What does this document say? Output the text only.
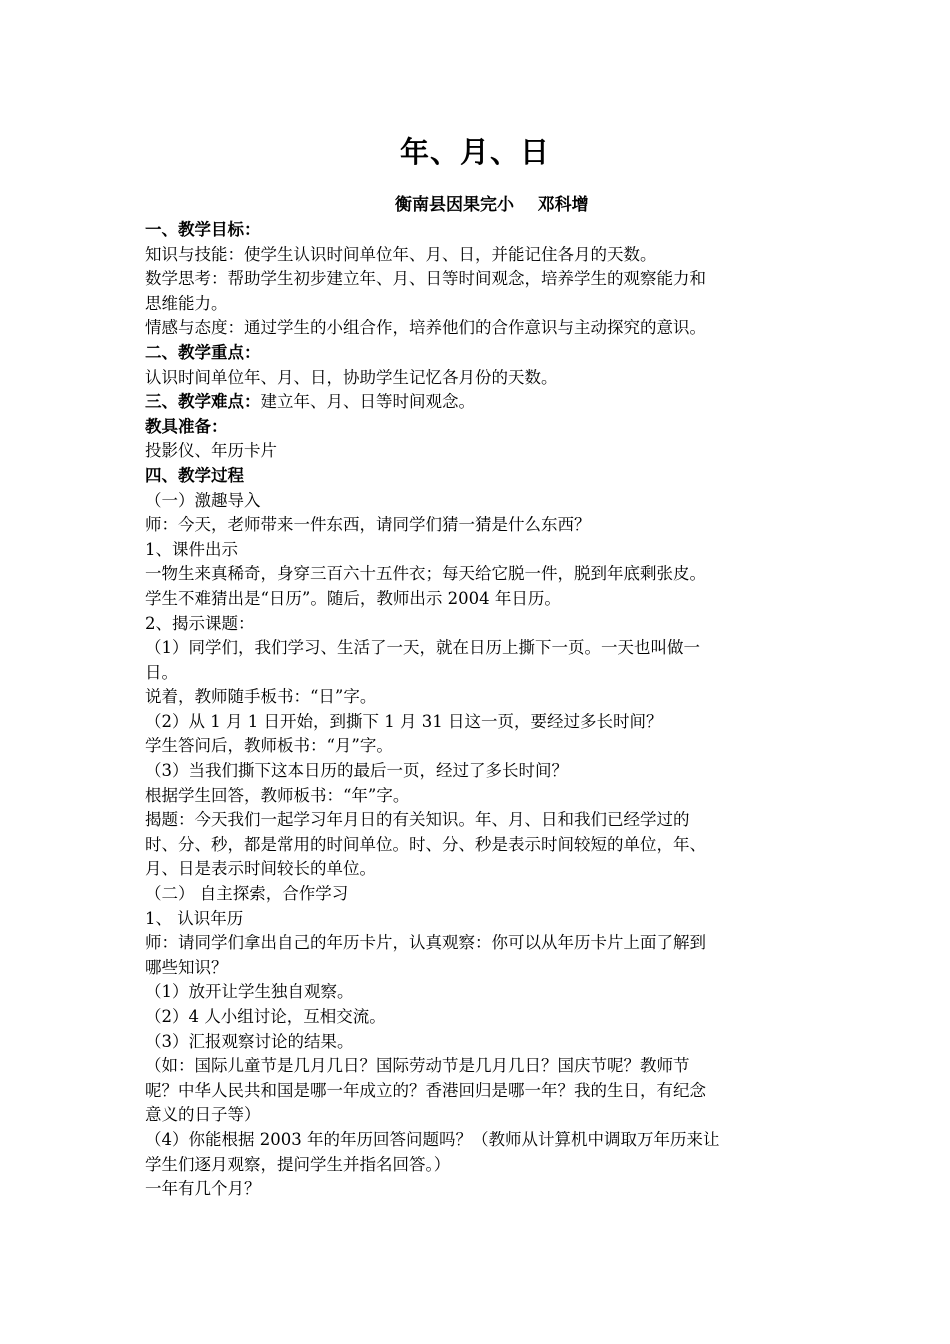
年、月、日
衡南县因果完小    邓科增
一、教学目标：
知识与技能：使学生认识时间单位年、月、日，并能记住各月的天数。
数学思考：帮助学生初步建立年、月、日等时间观念，培养学生的观察能力和
思维能力。
情感与态度：通过学生的小组合作，培养他们的合作意识与主动探究的意识。
二、教学重点：
认识时间单位年、月、日，协助学生记忆各月份的天数。
三、教学难点：建立年、月、日等时间观念。
教具准备：
投影仪、年历卡片
四、教学过程
（一）激趣导入
师：今天，老师带来一件东西，请同学们猜一猜是什么东西？
1、课件出示
一物生来真稀奇，身穿三百六十五件衣；每天给它脱一件，脱到年底剩张皮。
学生不难猜出是“日历”。随后，教师出示 2004 年日历。
2、揭示课题：
（1）同学们，我们学习、生活了一天，就在日历上撕下一页。一天也叫做一
日。
说着，教师随手板书：“日”字。
（2）从 1 月 1 日开始，到撕下 1 月 31 日这一页，要经过多长时间？
学生答问后，教师板书：“月”字。
（3）当我们撕下这本日历的最后一页，经过了多长时间？
根据学生回答，教师板书：“年”字。
揭题：今天我们一起学习年月日的有关知识。年、月、日和我们已经学过的
时、分、秒，都是常用的时间单位。时、分、秒是表示时间较短的单位，年、
月、日是表示时间较长的单位。
（二） 自主探索，合作学习
1、 认识年历
师：请同学们拿出自己的年历卡片，认真观察：你可以从年历卡片上面了解到
哪些知识？
（1）放开让学生独自观察。
（2）4 人小组讨论，互相交流。
（3）汇报观察讨论的结果。
（如：国际儿童节是几月几日？国际劳动节是几月几日？国庆节呢？教师节
呢？中华人民共和国是哪一年成立的？香港回归是哪一年？我的生日，有纪念
意义的日子等）
（4）你能根据 2003 年的年历回答问题吗？（教师从计算机中调取万年历来让
学生们逐月观察，提问学生并指名回答。）
一年有几个月？
